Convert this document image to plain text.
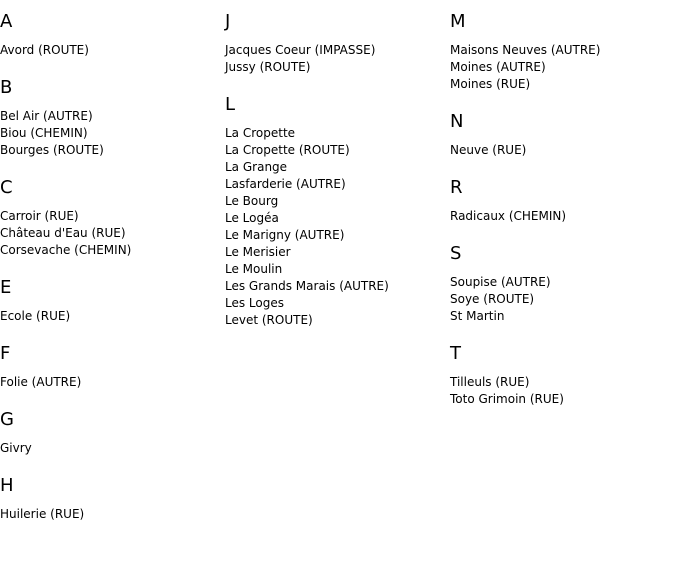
A
Avord (ROUTE)
B
Bel Air (AUTRE)
Biou (CHEMIN)
Bourges (ROUTE)
C
Carroir (RUE)
Château d'Eau (RUE)
Corsevache (CHEMIN)
E
Ecole (RUE)
F
Folie (AUTRE)
G
Givry
H
Huilerie (RUE)
J
Jacques Coeur (IMPASSE)
Jussy (ROUTE)
L
La Cropette
La Cropette (ROUTE)
La Grange
Lasfarderie (AUTRE)
Le Bourg
Le Logéa
Le Marigny (AUTRE)
Le Merisier
Le Moulin
Les Grands Marais (AUTRE)
Les Loges
Levet (ROUTE)
M
Maisons Neuves (AUTRE)
Moines (AUTRE)
Moines (RUE)
N
Neuve (RUE)
R
Radicaux (CHEMIN)
S
Soupise (AUTRE)
Soye (ROUTE)
St Martin
T
Tilleuls (RUE)
Toto Grimoin (RUE)
